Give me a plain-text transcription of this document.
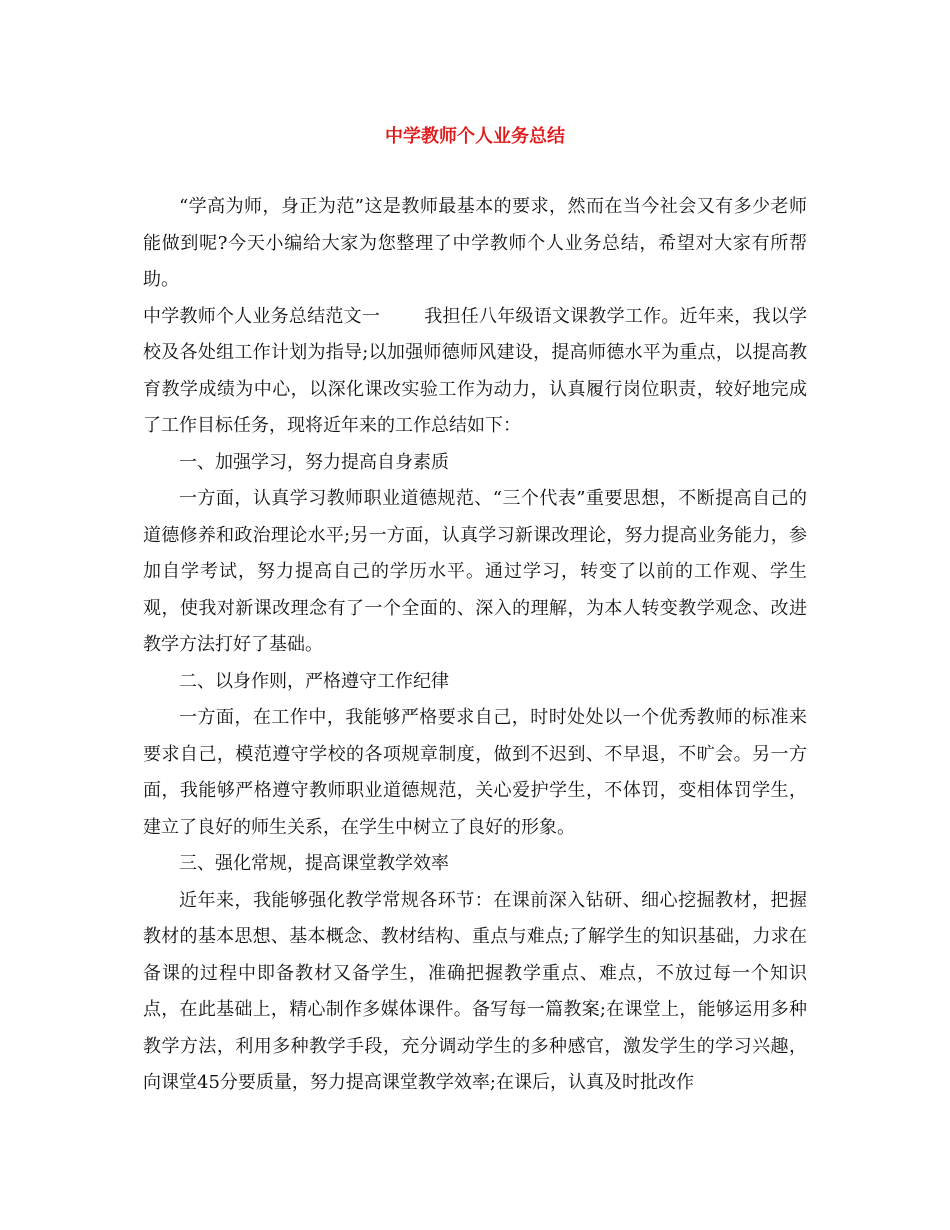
中学教师个人业务总结

“学高为师，身正为范”这是教师最基本的要求，然而在当今社会又有多少老师能做到呢?今天小编给大家为您整理了中学教师个人业务总结，希望对大家有所帮助。

中学教师个人业务总结范文一 我担任八年级语文课教学工作。近年来，我以学校及各处组工作计划为指导;以加强师德师风建设，提高师德水平为重点，以提高教育教学成绩为中心，以深化课改实验工作为动力，认真履行岗位职责，较好地完成了工作目标任务，现将近年来的工作总结如下：

一、加强学习，努力提高自身素质

一方面，认真学习教师职业道德规范、“三个代表”重要思想，不断提高自己的道德修养和政治理论水平;另一方面，认真学习新课改理论，努力提高业务能力，参加自学考试，努力提高自己的学历水平。通过学习，转变了以前的工作观、学生观，使我对新课改理念有了一个全面的、深入的理解，为本人转变教学观念、改进教学方法打好了基础。

二、以身作则，严格遵守工作纪律

一方面，在工作中，我能够严格要求自己，时时处处以一个优秀教师的标准来要求自己，模范遵守学校的各项规章制度，做到不迟到、不早退，不旷会。另一方面，我能够严格遵守教师职业道德规范，关心爱护学生，不体罚，变相体罚学生，建立了良好的师生关系，在学生中树立了良好的形象。

三、强化常规，提高课堂教学效率

近年来，我能够强化教学常规各环节：在课前深入钻研、细心挖掘教材，把握教材的基本思想、基本概念、教材结构、重点与难点;了解学生的知识基础，力求在备课的过程中即备教材又备学生，准确把握教学重点、难点，不放过每一个知识点，在此基础上，精心制作多媒体课件。备写每一篇教案;在课堂上，能够运用多种教学方法，利用多种教学手段，充分调动学生的多种感官，激发学生的学习兴趣，向课堂45分要质量，努力提高课堂教学效率;在课后，认真及时批改作
